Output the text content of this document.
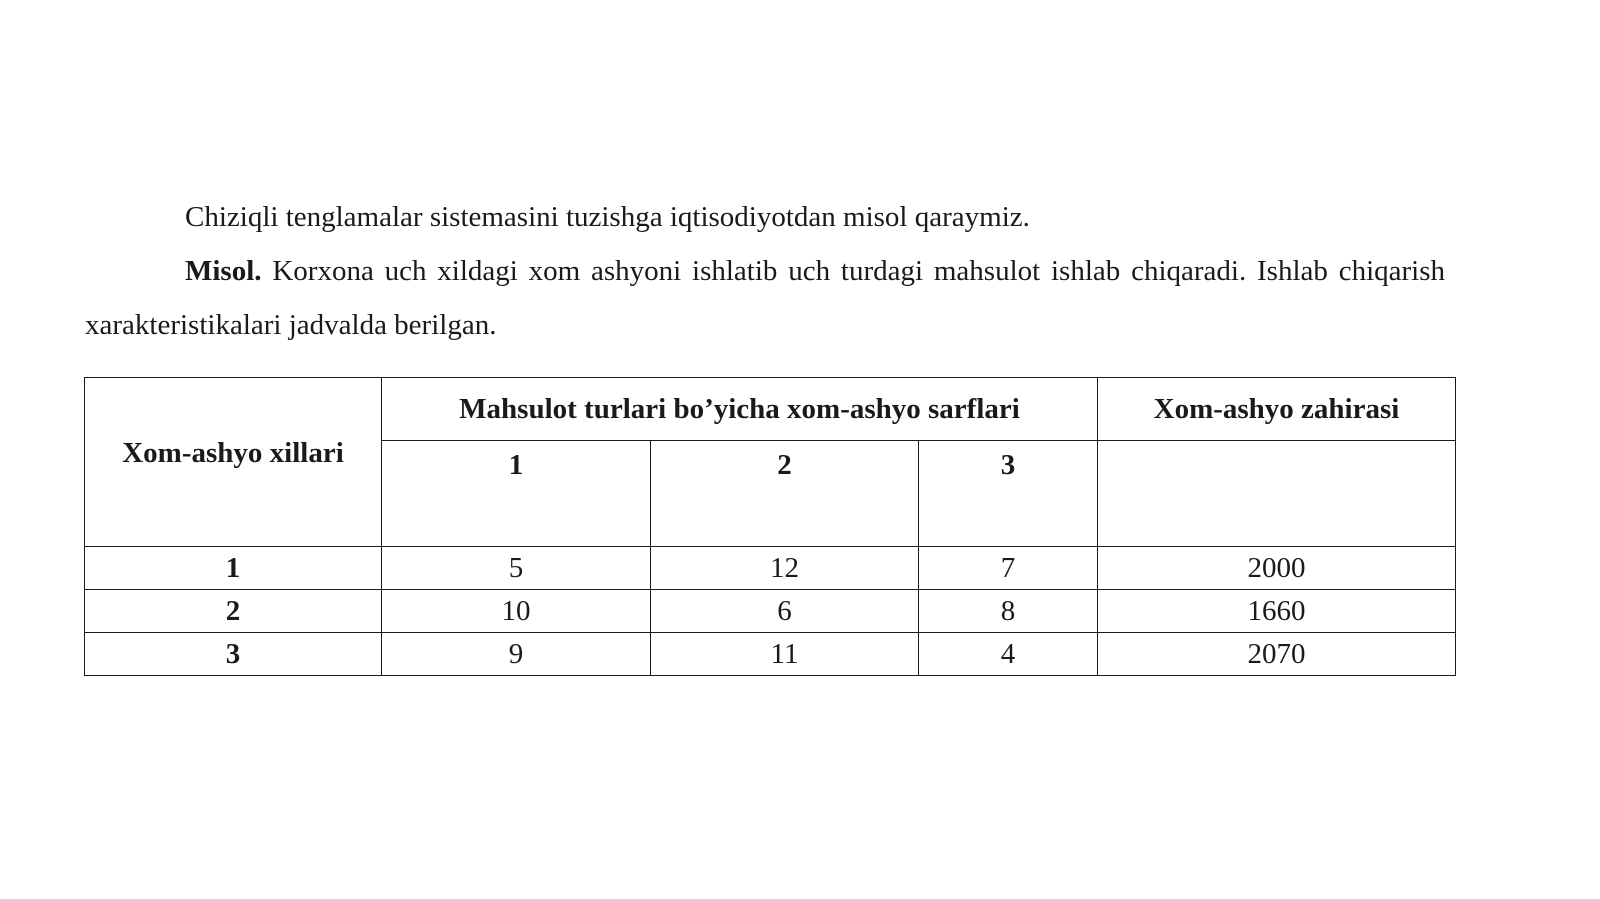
Chiziqli tenglamalar sistemasini tuzishga iqtisodiyotdan misol qaraymiz.

Misol. Korxona uch xildagi xom ashyoni ishlatib uch turdagi mahsulot ishlab chiqaradi. Ishlab chiqarish xarakteristikalari jadvalda berilgan.

Xom-ashyo xillari	Mahsulot turlari bo’yicha xom-ashyo sarflari			Xom-ashyo zahirasi
	1	2	3	
1	5	12	7	2000
2	10	6	8	1660
3	9	11	4	2070
